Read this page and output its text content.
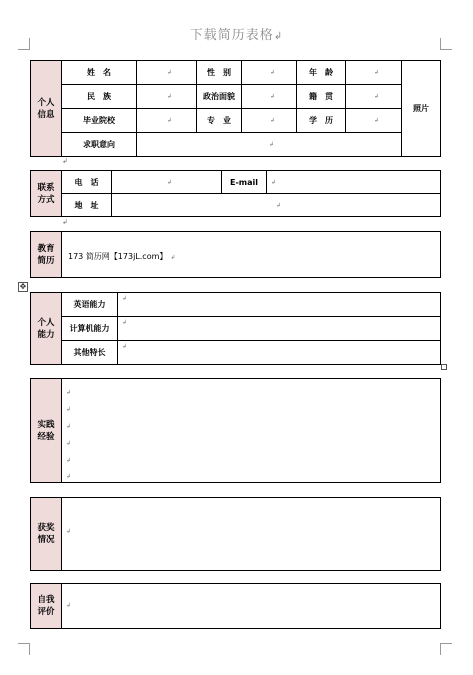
下载简历表格↲
个人信息
姓　名	↲	性　别	↲	年　龄	↲
民　族	↲	政治面貌	↲	籍　贯	↲
毕业院校	↲	专　业	↲	学　历	↲
求职意向	↲
照片
↲
联系方式
电　话	↲	E-mail ↲
地　址	↲
↲
教育简历 173 简历网【173jL.com】 ↲
✥
个人能力
英语能力
↲
计算机能力
↲
其他特长
↲
实践经验
↲
↲
↲
↲
↲
↲
获奖情况
↲
自我评价
↲
